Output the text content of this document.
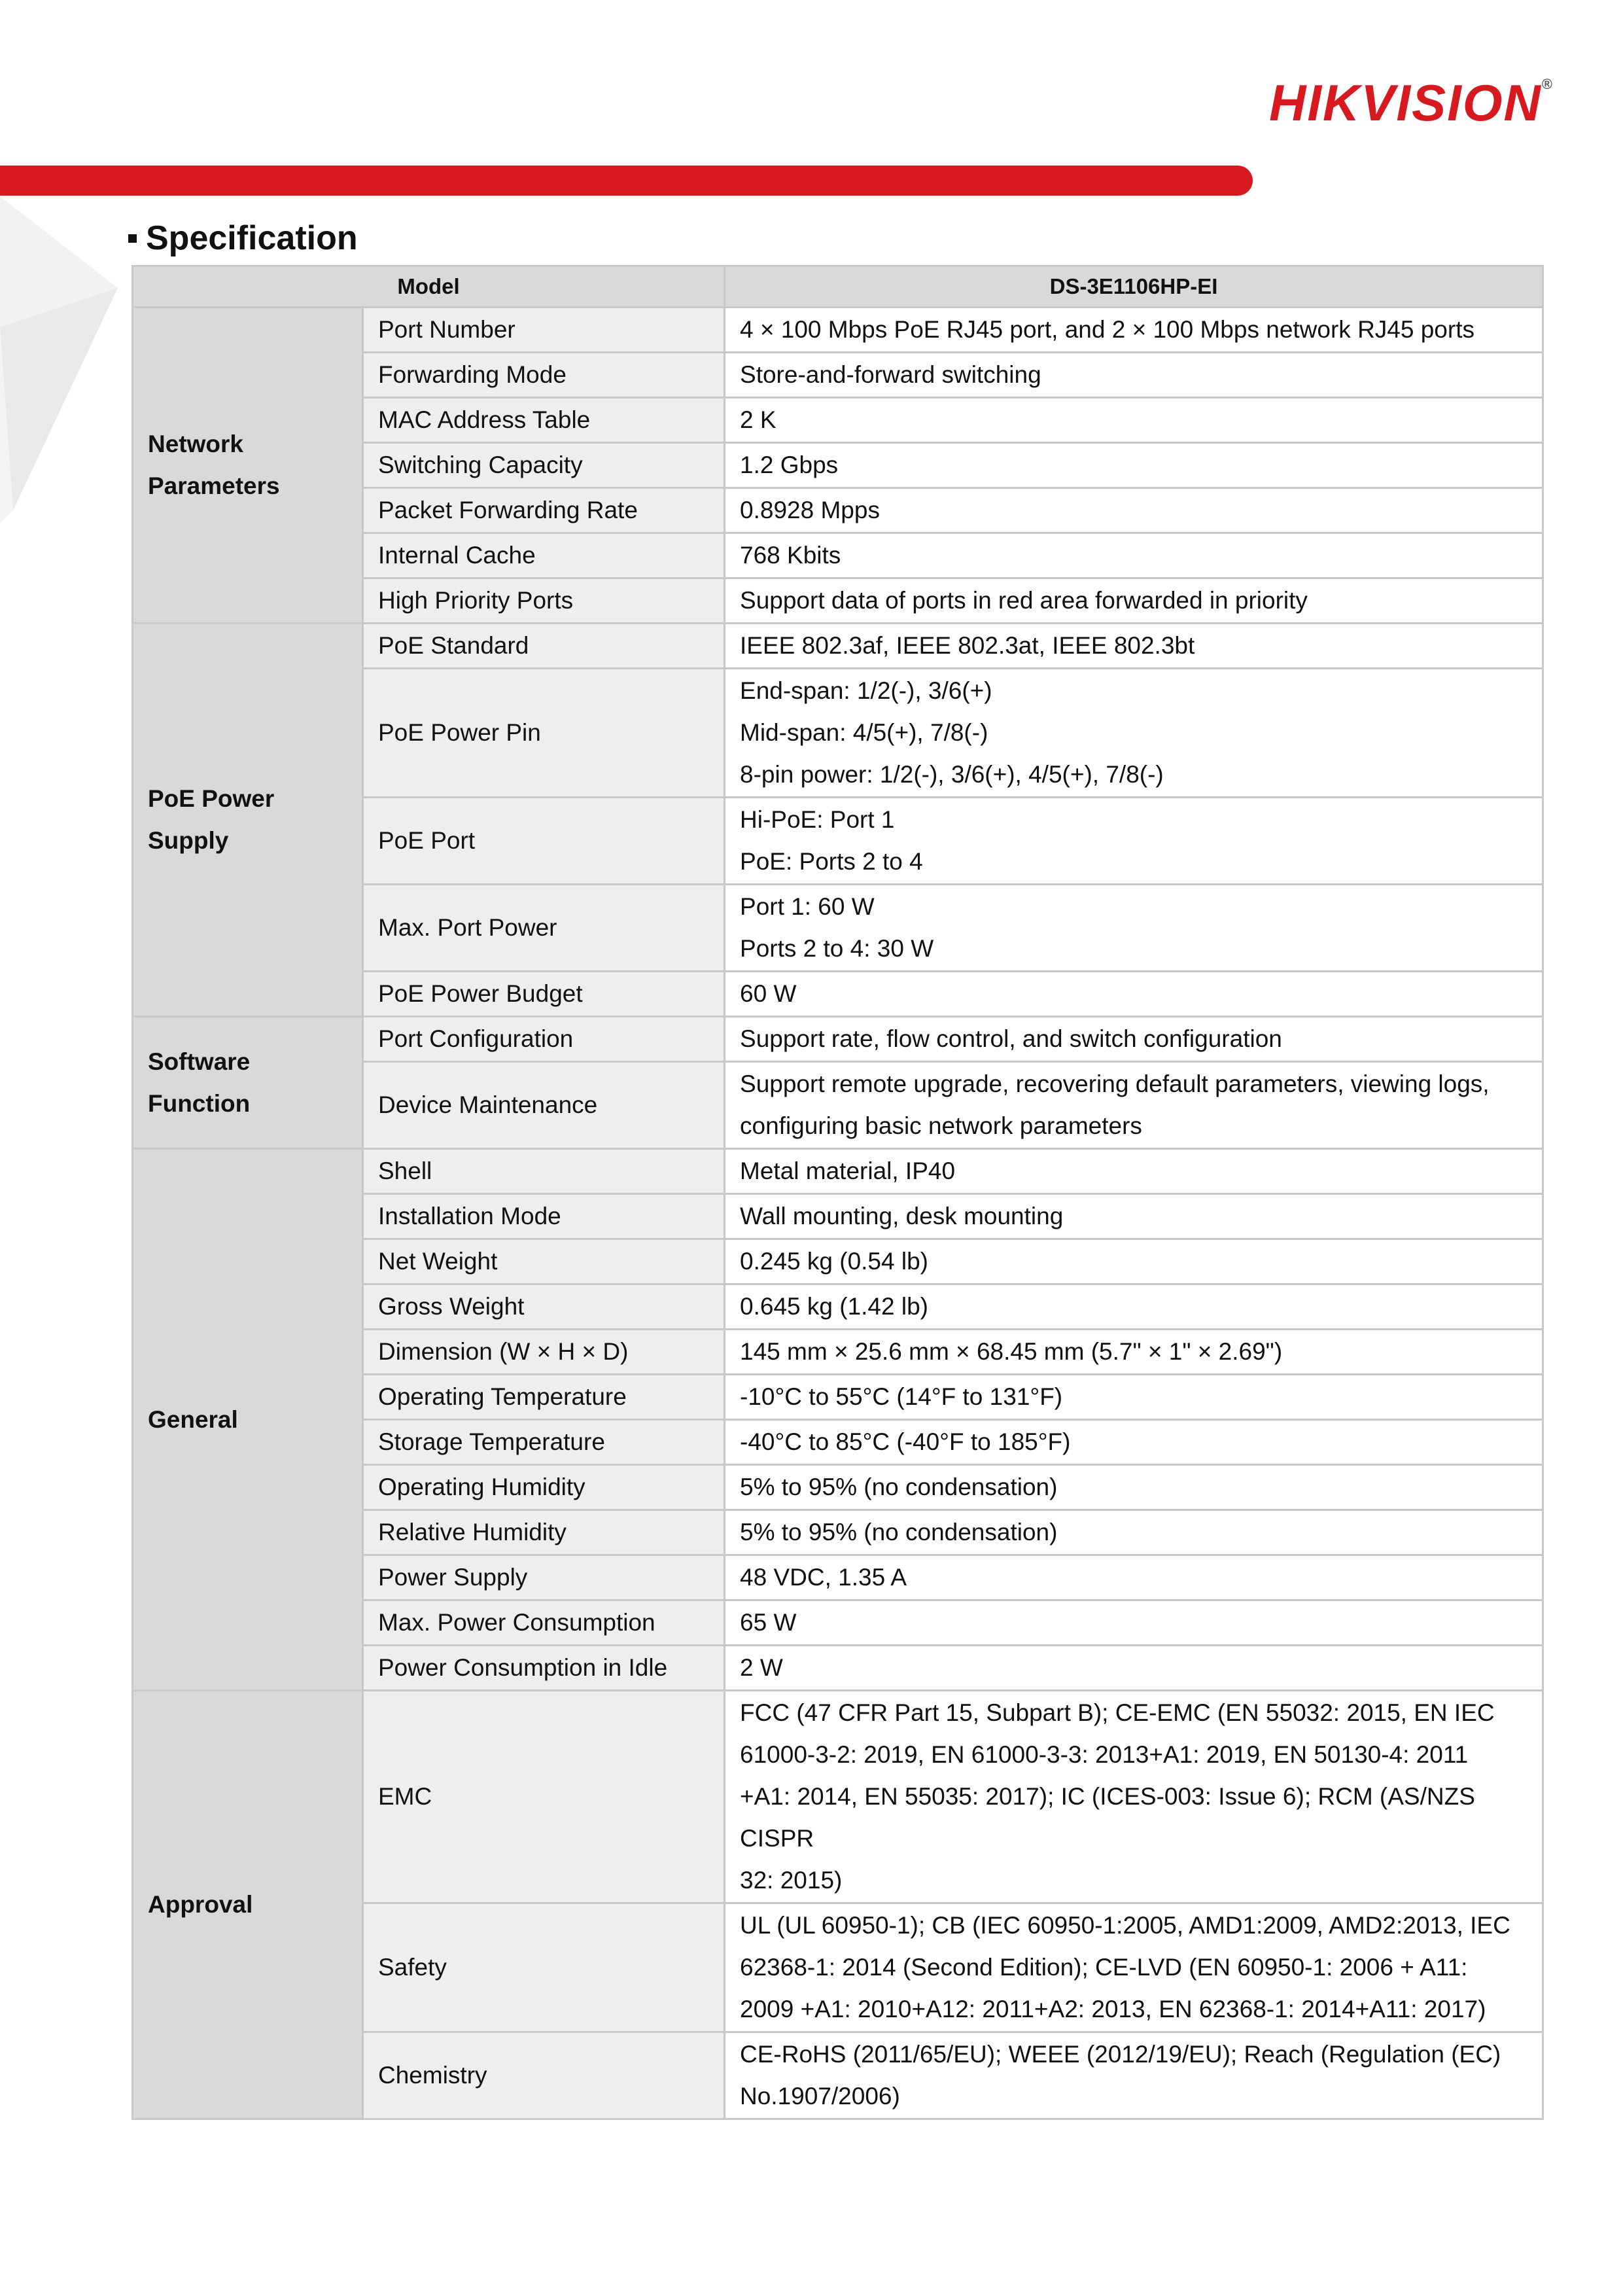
HIKVISION®
Specification
Model		DS-3E1106HP-EI

Network
Parameters	Port Number	4 × 100 Mbps PoE RJ45 port, and 2 × 100 Mbps network RJ45 ports

	Forwarding Mode	Store-and-forward switching

	MAC Address Table	2 K

	Switching Capacity	1.2 Gbps

	Packet Forwarding Rate	0.8928 Mpps

	Internal Cache	768 Kbits

	High Priority Ports	Support data of ports in red area forwarded in priority

PoE Power
Supply	PoE Standard	IEEE 802.3af, IEEE 802.3at, IEEE 802.3bt

	PoE Power Pin	End-span: 1/2(-), 3/6(+)
Mid-span: 4/5(+), 7/8(-)
8-pin power: 1/2(-), 3/6(+), 4/5(+), 7/8(-)

	PoE Port	Hi-PoE: Port 1
PoE: Ports 2 to 4

	Max. Port Power	Port 1: 60 W
Ports 2 to 4: 30 W

	PoE Power Budget	60 W

Software
Function	Port Configuration	Support rate, flow control, and switch configuration

	Device Maintenance	Support remote upgrade, recovering default parameters, viewing logs,
configuring basic network parameters

General	Shell	Metal material, IP40

	Installation Mode	Wall mounting, desk mounting

	Net Weight	0.245 kg (0.54 lb)

	Gross Weight	0.645 kg (1.42 lb)

	Dimension (W × H × D)	145 mm × 25.6 mm × 68.45 mm (5.7" × 1" × 2.69")

	Operating Temperature	-10°C to 55°C (14°F to 131°F)

	Storage Temperature	-40°C to 85°C (-40°F to 185°F)

	Operating Humidity	5% to 95% (no condensation)

	Relative Humidity	5% to 95% (no condensation)

	Power Supply	48 VDC, 1.35 A

	Max. Power Consumption	65 W

	Power Consumption in Idle	2 W

Approval	EMC	FCC (47 CFR Part 15, Subpart B); CE-EMC (EN 55032: 2015, EN IEC
61000-3-2: 2019, EN 61000-3-3: 2013+A1: 2019, EN 50130-4: 2011
+A1: 2014, EN 55035: 2017); IC (ICES-003: Issue 6); RCM (AS/NZS CISPR
32: 2015)

	Safety	UL (UL 60950-1); CB (IEC 60950-1:2005, AMD1:2009, AMD2:2013, IEC
62368-1: 2014 (Second Edition); CE-LVD (EN 60950-1: 2006 + A11:
2009 +A1: 2010+A12: 2011+A2: 2013, EN 62368-1: 2014+A11: 2017)

	Chemistry	CE-RoHS (2011/65/EU); WEEE (2012/19/EU); Reach (Regulation (EC)
No.1907/2006)
